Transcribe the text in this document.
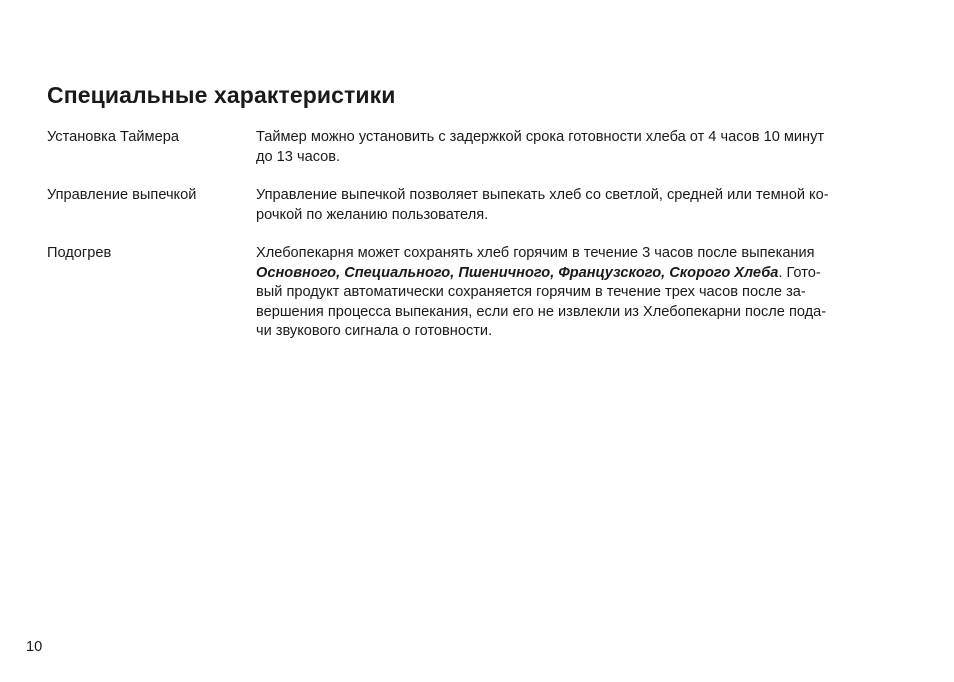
Специальные характеристики
Установка Таймера	Таймер можно установить с задержкой срока готовности хлеба от 4 часов 10 минут
до 13 часов.
Управление выпечкой	Управление выпечкой позволяет выпекать хлеб со светлой, средней или темной ко-
рочкой по желанию пользователя.
Подогрев	Хлебопекарня может сохранять хлеб горячим в течение 3 часов после выпекания
Основного, Специального, Пшеничного, Французского, Скорого Хлеба. Гото-
вый продукт автоматически сохраняется горячим в течение трех часов после за-
вершения процесса выпекания, если его не извлекли из Хлебопекарни после пода-
чи звукового сигнала о готовности.
10
